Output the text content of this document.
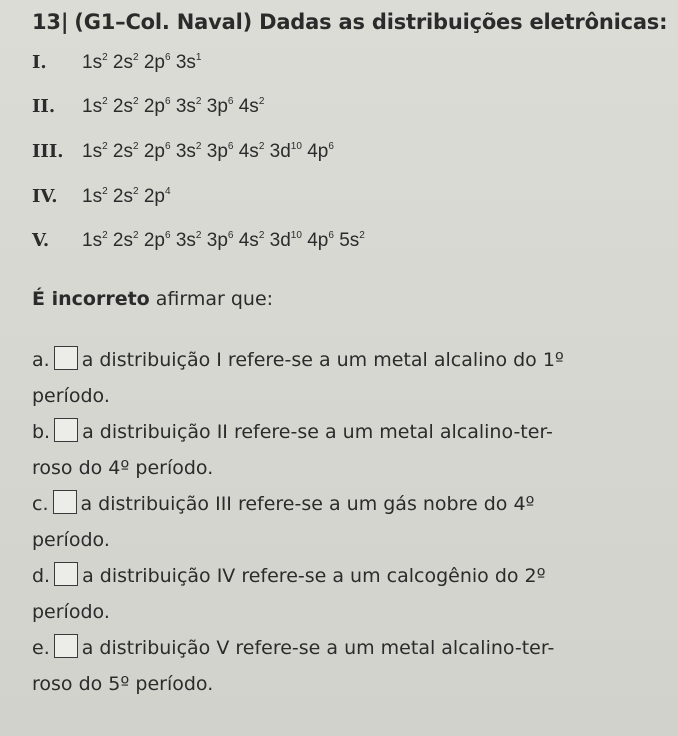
13| (G1–Col. Naval) Dadas as distribuições eletrônicas:
I. $1s^2$ $2s^2$ $2p^6$ $3s^1$
II. $1s^2$ $2s^2$ $2p^6$ $3s^2$ $3p^6$ $4s^2$
III. $1s^2$ $2s^2$ $2p^6$ $3s^2$ $3p^6$ $4s^2$ $3d^{10}$ $4p^6$
IV. $1s^2$ $2s^2$ $2p^4$
V. $1s^2$ $2s^2$ $2p^6$ $3s^2$ $3p^6$ $4s^2$ $3d^{10}$ $4p^6$ $5s^2$
É incorreto afirmar que:
a. a distribuição I refere-se a um metal alcalino do 1º
período.
b. a distribuição II refere-se a um metal alcalino-ter-
roso do 4º período.
c. a distribuição III refere-se a um gás nobre do 4º
período.
d. a distribuição IV refere-se a um calcogênio do 2º
período.
e. a distribuição V refere-se a um metal alcalino-ter-
roso do 5º período.
